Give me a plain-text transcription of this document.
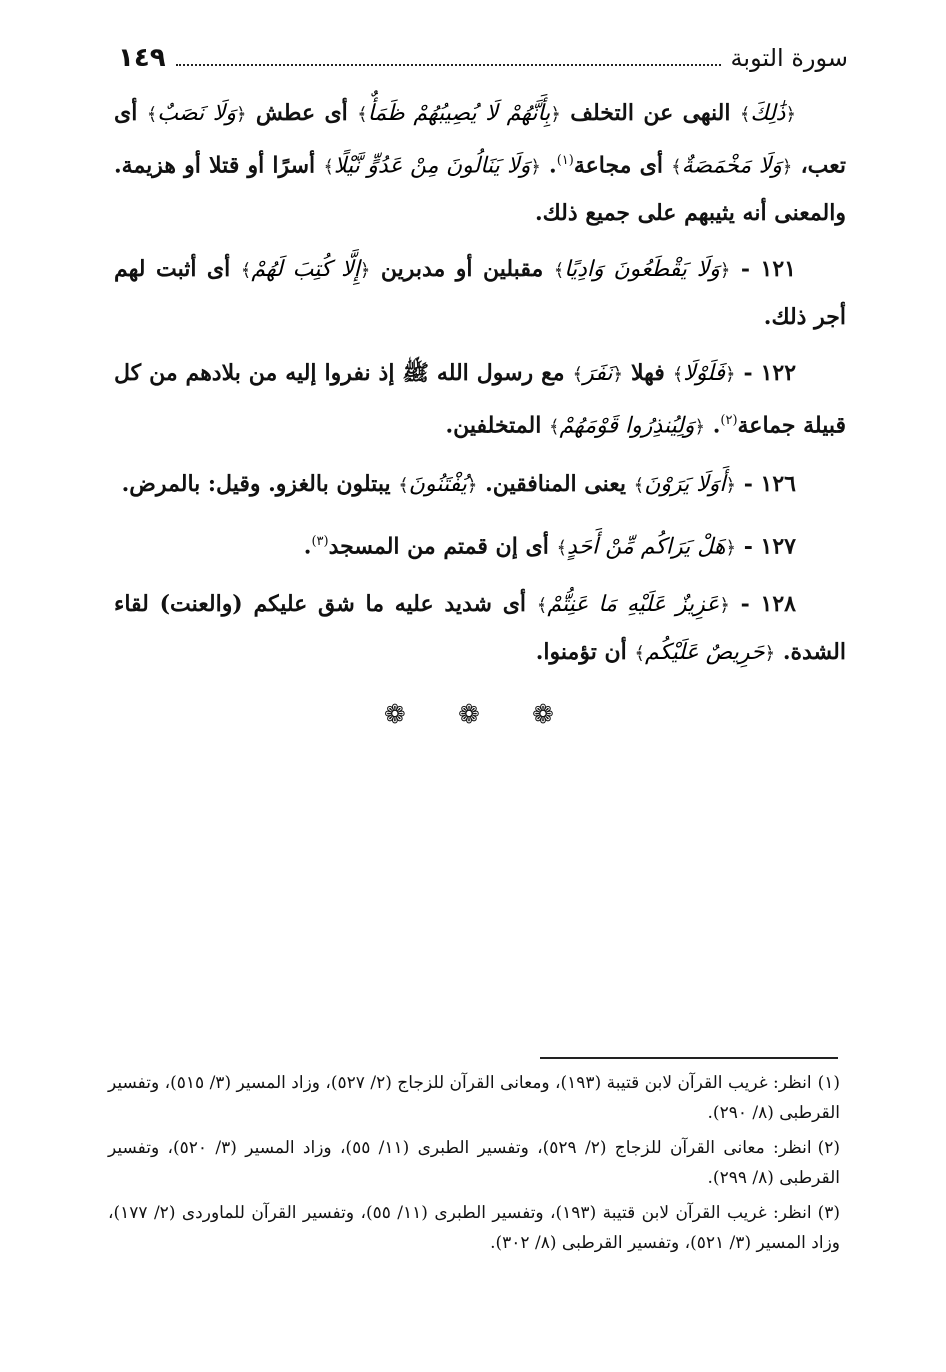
سورة التوبة
١٤٩

﴿ذَٰلِكَ﴾ النهى عن التخلف ﴿بِأَنَّهُمْ لَا يُصِيبُهُمْ ظَمَأٌ﴾ أى عطش ﴿وَلَا نَصَبٌ﴾ أى تعب، ﴿وَلَا مَخْمَصَةٌ﴾ أى مجاعة$^{(١)}$. ﴿وَلَا يَنَالُونَ مِنْ عَدُوٍّ نَّيْلًا﴾ أسرًا أو قتلا أو هزيمة. والمعنى أنه يثيبهم على جميع ذلك.

١٢١ - ﴿وَلَا يَقْطَعُونَ وَادِيًا﴾ مقبلين أو مدبرين ﴿إِلَّا كُتِبَ لَهُمْ﴾ أى أثبت لهم أجر ذلك.

١٢٢ - ﴿فَلَوْلَا﴾ فهلا ﴿نَفَرَ﴾ مع رسول الله ﷺ إذ نفروا إليه من بلادهم من كل قبيلة جماعة$^{(٢)}$. ﴿وَلِيُنذِرُوا قَوْمَهُمْ﴾ المتخلفين.

١٢٦ - ﴿أَوَلَا يَرَوْنَ﴾ يعنى المنافقين. ﴿يُفْتَنُونَ﴾ يبتلون بالغزو. وقيل: بالمرض.

١٢٧ - ﴿هَلْ يَرَاكُم مِّنْ أَحَدٍ﴾ أى إن قمتم من المسجد$^{(٣)}$.

١٢٨ - ﴿عَزِيزٌ عَلَيْهِ مَا عَنِتُّمْ﴾ أى شديد عليه ما شق عليكم (والعنت) لقاء الشدة. ﴿حَرِيصٌ عَلَيْكُم﴾ أن تؤمنوا.

❁ ❁ ❁
(١)انظر: غريب القرآن لابن قتيبة (١٩٣)، ومعانى القرآن للزجاج (٢/ ٥٢٧)، وزاد المسير (٣/ ٥١٥)، وتفسير القرطبى (٨/ ٢٩٠).
(٢)انظر: معانى القرآن للزجاج (٢/ ٥٢٩)، وتفسير الطبرى (١١/ ٥٥)، وزاد المسير (٣/ ٥٢٠)، وتفسير القرطبى (٨/ ٢٩٩).
(٣)انظر: غريب القرآن لابن قتيبة (١٩٣)، وتفسير الطبرى (١١/ ٥٥)، وتفسير القرآن للماوردى (٢/ ١٧٧)، وزاد المسير (٣/ ٥٢١)، وتفسير القرطبى (٨/ ٣٠٢).
